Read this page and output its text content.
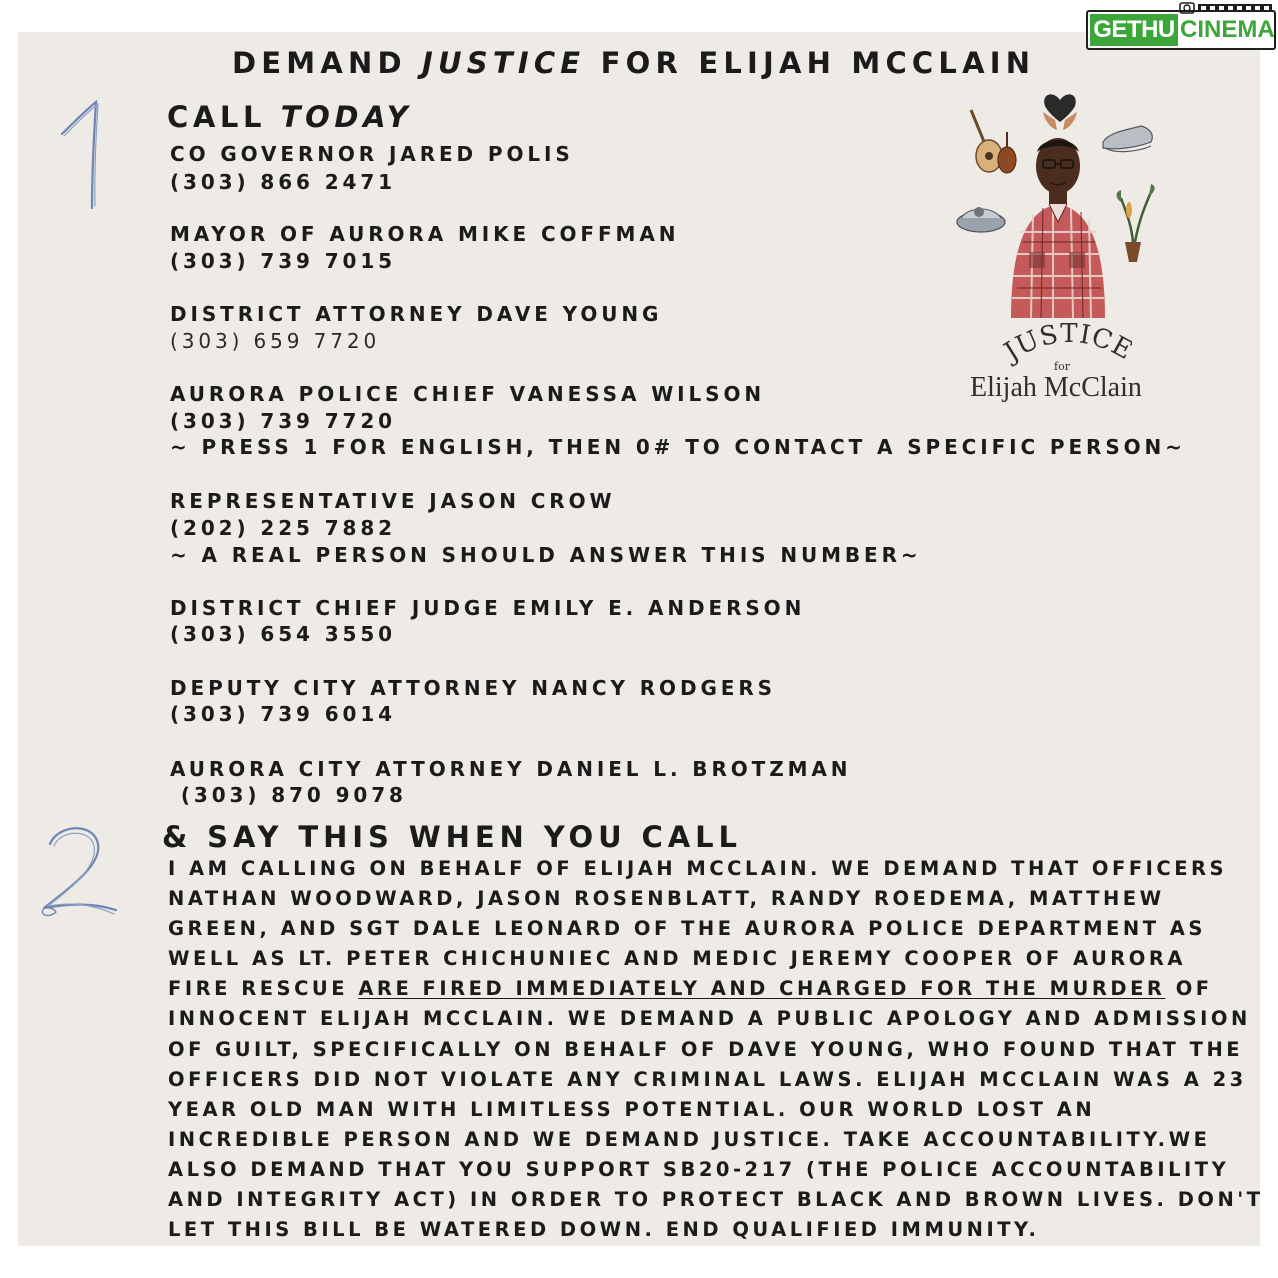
GETHU CINEMA
DEMAND JUSTICE FOR ELIJAH MCCLAIN
CALL TODAY
CO GOVERNOR JARED POLIS
(303) 866 2471
MAYOR OF AURORA MIKE COFFMAN
(303) 739 7015
DISTRICT ATTORNEY DAVE YOUNG
(303) 659 7720
AURORA POLICE CHIEF VANESSA WILSON
(303) 739 7720
~ PRESS 1 FOR ENGLISH, THEN 0# TO CONTACT A SPECIFIC PERSON~
REPRESENTATIVE JASON CROW
(202) 225 7882
~ A REAL PERSON SHOULD ANSWER THIS NUMBER~
DISTRICT CHIEF JUDGE EMILY E. ANDERSON
(303) 654 3550
DEPUTY CITY ATTORNEY NANCY RODGERS
(303) 739 6014
AURORA CITY ATTORNEY DANIEL L. BROTZMAN
(303) 870 9078
USTIC
for
Elijah McClain
& SAY THIS WHEN YOU CALL
I AM CALLING ON BEHALF OF ELIJAH MCCLAIN. WE DEMAND THAT OFFICERS
NATHAN WOODWARD, JASON ROSENBLATT, RANDY ROEDEMA, MATTHEW
GREEN, AND SGT DALE LEONARD OF THE AURORA POLICE DEPARTMENT AS
WELL AS LT. PETER CHICHUNIEC AND MEDIC JEREMY COOPER OF AURORA
FIRE RESCUE ARE FIRED IMMEDIATELY AND CHARGED FOR THE MURDER OF
INNOCENT ELIJAH MCCLAIN. WE DEMAND A PUBLIC APOLOGY AND ADMISSION
OF GUILT, SPECIFICALLY ON BEHALF OF DAVE YOUNG, WHO FOUND THAT THE
OFFICERS DID NOT VIOLATE ANY CRIMINAL LAWS. ELIJAH MCCLAIN WAS A 23
YEAR OLD MAN WITH LIMITLESS POTENTIAL. OUR WORLD LOST AN
INCREDIBLE PERSON AND WE DEMAND JUSTICE. TAKE ACCOUNTABILITY.WE
ALSO DEMAND THAT YOU SUPPORT SB20-217 (THE POLICE ACCOUNTABILITY
AND INTEGRITY ACT) IN ORDER TO PROTECT BLACK AND BROWN LIVES. DON'T
LET THIS BILL BE WATERED DOWN. END QUALIFIED IMMUNITY.
